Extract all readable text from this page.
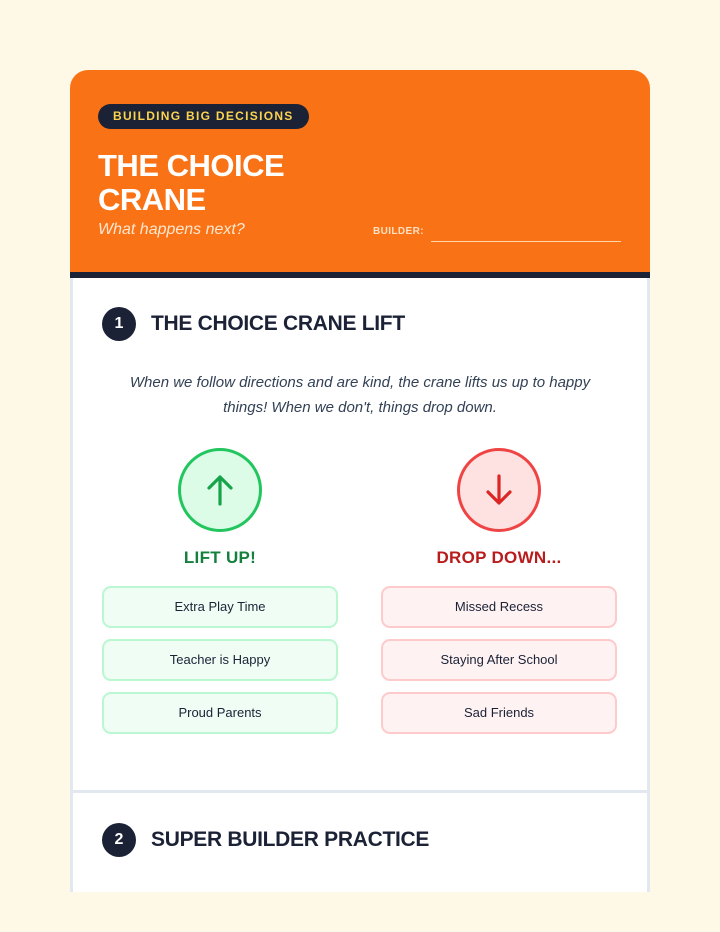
BUILDING BIG DECISIONS
THE CHOICE CRANE
What happens next?	BUILDER:
1	THE CHOICE CRANE LIFT
When we follow directions and are kind, the crane lifts us up to happy things! When we don't, things drop down.
LIFT UP!	DROP DOWN...
Extra Play Time
Teacher is Happy
Proud Parents
Missed Recess
Staying After School
Sad Friends
2	SUPER BUILDER PRACTICE
